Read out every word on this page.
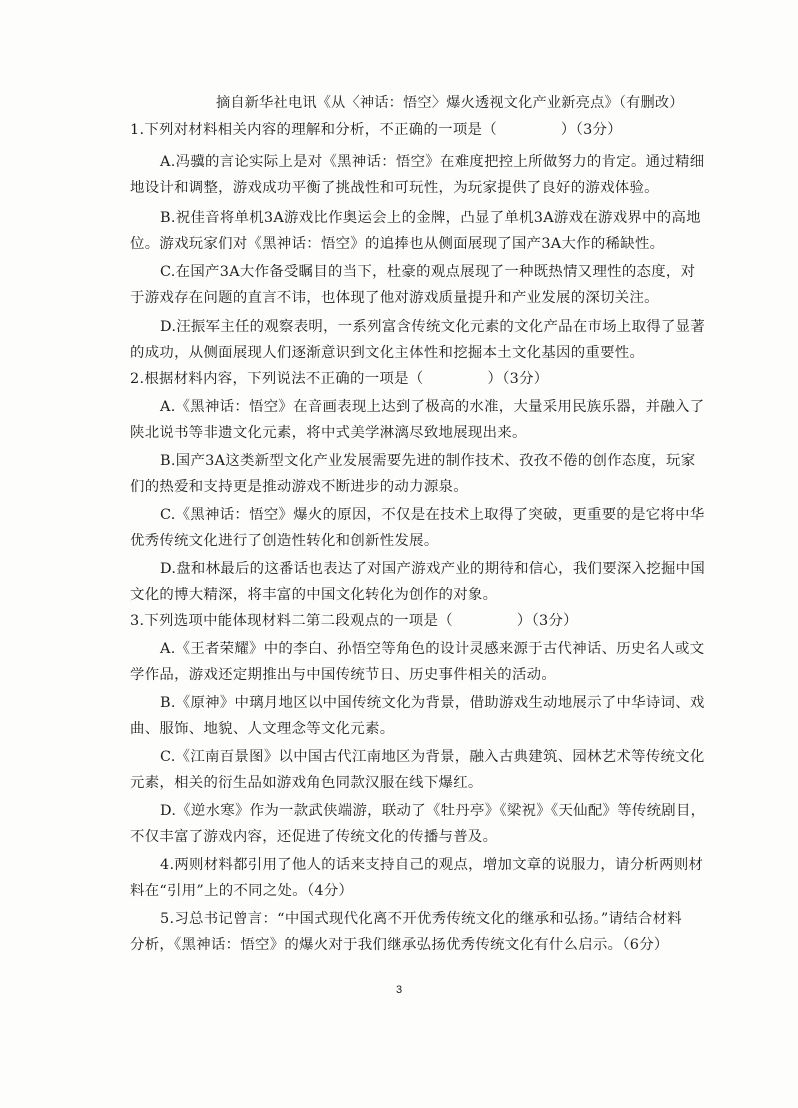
摘自新华社电讯《从〈神话：悟空〉爆火透视文化产业新亮点》（有删改）
1.下列对材料相关内容的理解和分析，不正确的一项是（	）（3分）
A.冯骥的言论实际上是对《黑神话：悟空》在难度把控上所做努力的肯定。通过精细
地设计和调整，游戏成功平衡了挑战性和可玩性，为玩家提供了良好的游戏体验。
B.祝佳音将单机3A游戏比作奥运会上的金牌，凸显了单机3A游戏在游戏界中的高地
位。游戏玩家们对《黑神话：悟空》的追捧也从侧面展现了国产3A大作的稀缺性。
C.在国产3A大作备受瞩目的当下，杜豪的观点展现了一种既热情又理性的态度，对
于游戏存在问题的直言不讳，也体现了他对游戏质量提升和产业发展的深切关注。
D.汪振军主任的观察表明，一系列富含传统文化元素的文化产品在市场上取得了显著
的成功，从侧面展现人们逐渐意识到文化主体性和挖掘本土文化基因的重要性。
2.根据材料内容，下列说法不正确的一项是（	）（3分）
A.《黑神话：悟空》在音画表现上达到了极高的水准，大量采用民族乐器，并融入了
陕北说书等非遗文化元素，将中式美学淋漓尽致地展现出来。
B.国产3A这类新型文化产业发展需要先进的制作技术、孜孜不倦的创作态度，玩家
们的热爱和支持更是推动游戏不断进步的动力源泉。
C.《黑神话：悟空》爆火的原因，不仅是在技术上取得了突破，更重要的是它将中华
优秀传统文化进行了创造性转化和创新性发展。
D.盘和林最后的这番话也表达了对国产游戏产业的期待和信心，我们要深入挖掘中国
文化的博大精深，将丰富的中国文化转化为创作的对象。
3.下列选项中能体现材料二第二段观点的一项是（	）（3分）
A.《王者荣耀》中的李白、孙悟空等角色的设计灵感来源于古代神话、历史名人或文
学作品，游戏还定期推出与中国传统节日、历史事件相关的活动。
B.《原神》中璃月地区以中国传统文化为背景，借助游戏生动地展示了中华诗词、戏
曲、服饰、地貌、人文理念等文化元素。
C.《江南百景图》以中国古代江南地区为背景，融入古典建筑、园林艺术等传统文化
元素，相关的衍生品如游戏角色同款汉服在线下爆红。
D.《逆水寒》作为一款武侠端游，联动了《牡丹亭》《梁祝》《天仙配》等传统剧目，
不仅丰富了游戏内容，还促进了传统文化的传播与普及。
4.两则材料都引用了他人的话来支持自己的观点，增加文章的说服力，请分析两则材
料在“引用”上的不同之处。（4分）
5.习总书记曾言：“中国式现代化离不开优秀传统文化的继承和弘扬。”请结合材料
分析，《黑神话：悟空》的爆火对于我们继承弘扬优秀传统文化有什么启示。（6分）
3
